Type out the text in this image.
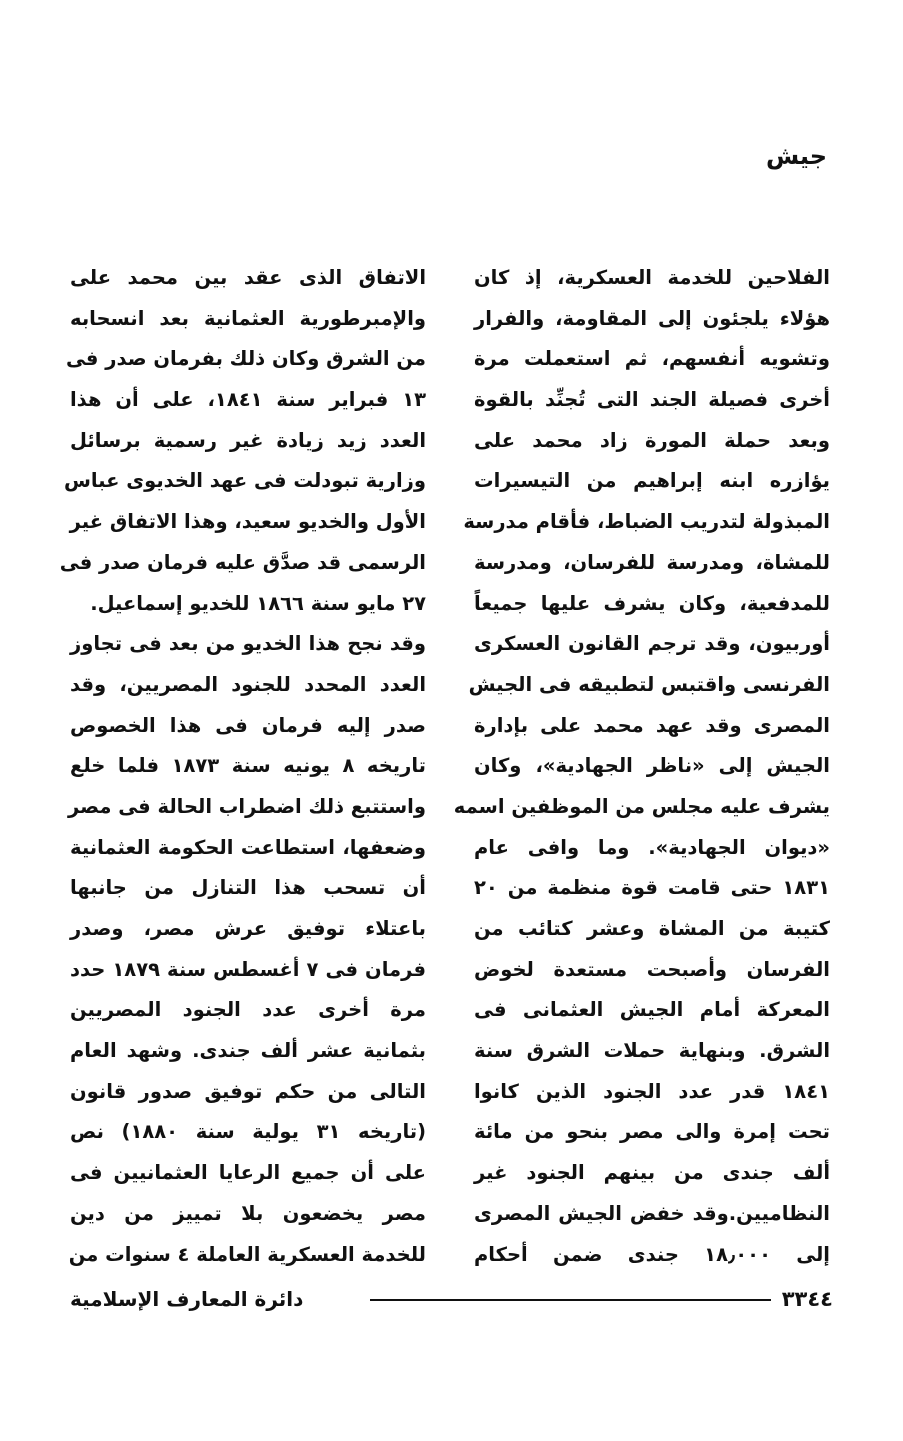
جيش
الفلاحين للخدمة العسكرية، إذ كان
هؤلاء يلجئون إلى المقاومة، والفرار
وتشويه أنفسهم، ثم استعملت مرة
أخرى فصيلة الجند التى تُجنِّد بالقوة
وبعد حملة المورة زاد محمد على
يؤازره ابنه إبراهيم من التيسيرات
المبذولة لتدريب الضباط، فأقام مدرسة
للمشاة، ومدرسة للفرسان، ومدرسة
للمدفعية، وكان يشرف عليها جميعاً
أوربيون، وقد ترجم القانون العسكرى
الفرنسى واقتبس لتطبيقه فى الجيش
المصرى وقد عهد محمد على بإدارة
الجيش إلى «ناظر الجهادية»، وكان
يشرف عليه مجلس من الموظفين اسمه
«ديوان الجهادية». وما وافى عام
١٨٣١ حتى قامت قوة منظمة من ٢٠
كتيبة من المشاة وعشر كتائب من
الفرسان وأصبحت مستعدة لخوض
المعركة أمام الجيش العثمانى فى
الشرق. وبنهاية حملات الشرق سنة
١٨٤١ قدر عدد الجنود الذين كانوا
تحت إمرة والى مصر بنحو من مائة
ألف جندى من بينهم الجنود غير
النظاميين.وقد خفض الجيش المصرى
إلى ١٨٫٠٠٠ جندى ضمن أحكام
الاتفاق الذى عقد بين محمد على
والإمبرطورية العثمانية بعد انسحابه
من الشرق وكان ذلك بفرمان صدر فى
١٣ فبراير سنة ١٨٤١، على أن هذا
العدد زيد زيادة غير رسمية برسائل
وزارية تبودلت فى عهد الخديوى عباس
الأول والخديو سعيد، وهذا الاتفاق غير
الرسمى قد صدَّق عليه فرمان صدر فى
٢٧ مايو سنة ١٨٦٦ للخديو إسماعيل.
وقد نجح هذا الخديو من بعد فى تجاوز
العدد المحدد للجنود المصريين، وقد
صدر إليه فرمان فى هذا الخصوص
تاريخه ٨ يونيه سنة ١٨٧٣ فلما خلع
واستتبع ذلك اضطراب الحالة فى مصر
وضعفها، استطاعت الحكومة العثمانية
أن تسحب هذا التنازل من جانبها
باعتلاء توفيق عرش مصر، وصدر
فرمان فى ٧ أغسطس سنة ١٨٧٩ حدد
مرة أخرى عدد الجنود المصريين
بثمانية عشر ألف جندى. وشهد العام
التالى من حكم توفيق صدور قانون
(تاريخه ٣١ يولية سنة ١٨٨٠) نص
على أن جميع الرعايا العثمانيين فى
مصر يخضعون بلا تمييز من دين
للخدمة العسكرية العاملة ٤ سنوات من
٣٣٤٤
دائرة المعارف الإسلامية
